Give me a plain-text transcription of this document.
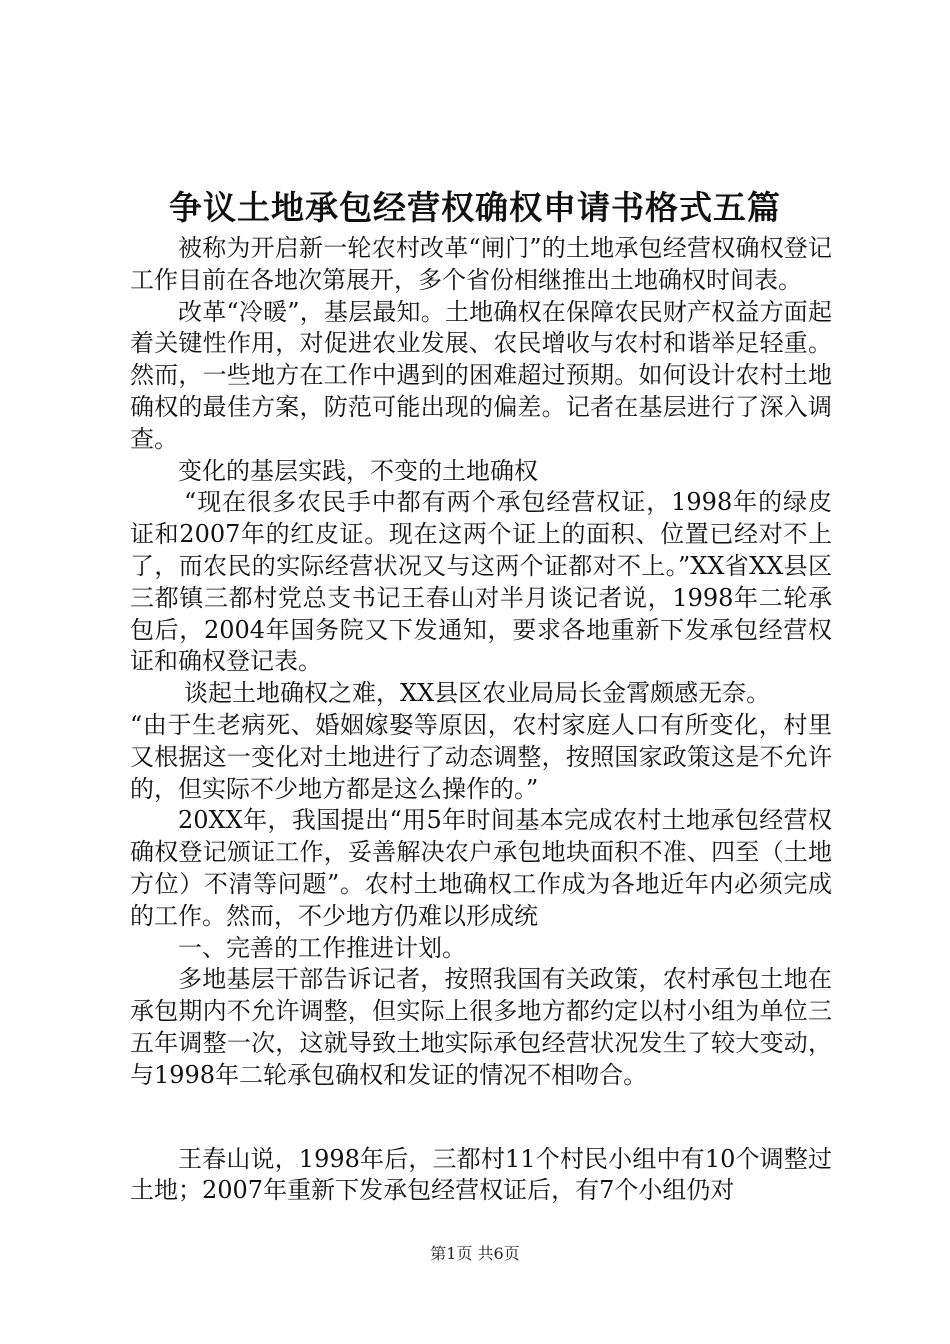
争议土地承包经营权确权申请书格式五篇

被称为开启新一轮农村改革“闸门”的土地承包经营权确权登记工作目前在各地次第展开，多个省份相继推出土地确权时间表。

改革“冷暖”，基层最知。土地确权在保障农民财产权益方面起着关键性作用，对促进农业发展、农民增收与农村和谐举足轻重。然而，一些地方在工作中遇到的困难超过预期。如何设计农村土地确权的最佳方案，防范可能出现的偏差。记者在基层进行了深入调查。

变化的基层实践，不变的土地确权

“现在很多农民手中都有两个承包经营权证，1998年的绿皮证和2007年的红皮证。现在这两个证上的面积、位置已经对不上了，而农民的实际经营状况又与这两个证都对不上。”XX省XX县区三都镇三都村党总支书记王春山对半月谈记者说，1998年二轮承包后，2004年国务院又下发通知，要求各地重新下发承包经营权证和确权登记表。

谈起土地确权之难，XX县区农业局局长金霄颇感无奈。

“由于生老病死、婚姻嫁娶等原因，农村家庭人口有所变化，村里又根据这一变化对土地进行了动态调整，按照国家政策这是不允许的，但实际不少地方都是这么操作的。”

20XX年，我国提出“用5年时间基本完成农村土地承包经营权确权登记颁证工作，妥善解决农户承包地块面积不准、四至（土地方位）不清等问题”。农村土地确权工作成为各地近年内必须完成的工作。然而，不少地方仍难以形成统

一、完善的工作推进计划。

多地基层干部告诉记者，按照我国有关政策，农村承包土地在承包期内不允许调整，但实际上很多地方都约定以村小组为单位三五年调整一次，这就导致土地实际承包经营状况发生了较大变动，与1998年二轮承包确权和发证的情况不相吻合。

王春山说，1998年后，三都村11个村民小组中有10个调整过土地；2007年重新下发承包经营权证后，有7个小组仍对

第1页 共6页
